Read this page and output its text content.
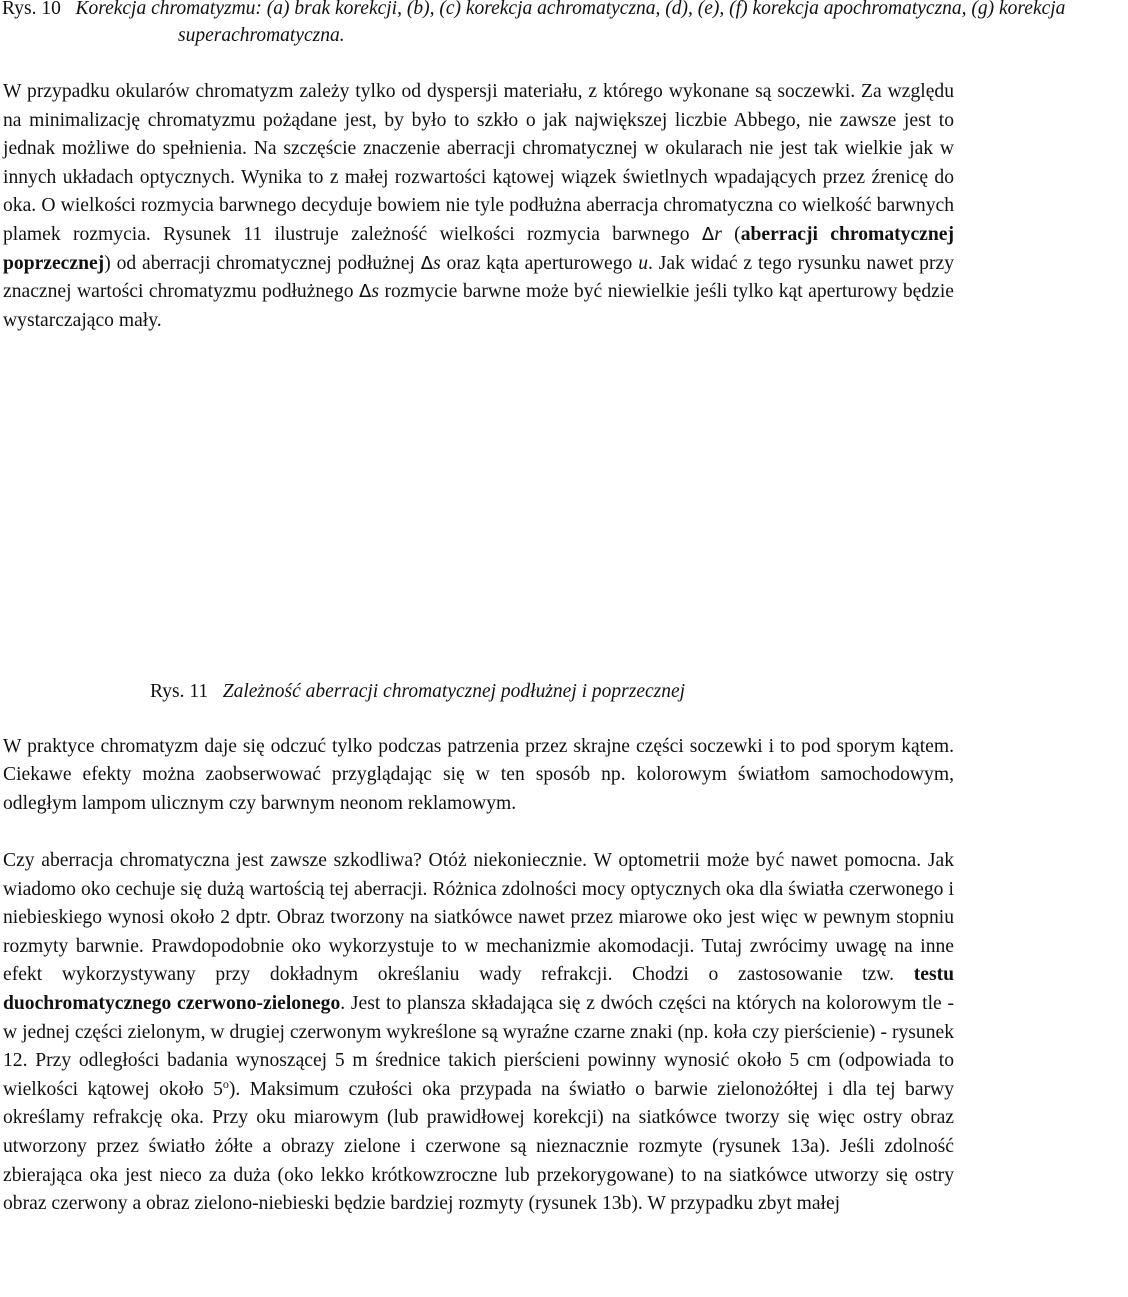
Rys. 10 Korekcja chromatyzmu: (a) brak korekcji, (b), (c) korekcja achromatyczna, (d), (e), (f) korekcja apochromatyczna, (g) korekcja superachromatyczna.

W przypadku okularów chromatyzm zależy tylko od dyspersji materiału, z którego wykonane są soczewki. Za względu na minimalizację chromatyzmu pożądane jest, by było to szkło o jak największej liczbie Abbego, nie zawsze jest to jednak możliwe do spełnienia. Na szczęście znaczenie aberracji chromatycznej w okularach nie jest tak wielkie jak w innych układach optycznych. Wynika to z małej rozwartości kątowej wiązek świetlnych wpadających przez źrenicę do oka. O wielkości rozmycia barwnego decyduje bowiem nie tyle podłużna aberracja chromatyczna co wielkość barwnych plamek rozmycia. Rysunek 11 ilustruje zależność wielkości rozmycia barwnego Δr (aberracji chromatycznej poprzecznej) od aberracji chromatycznej podłużnej Δs oraz kąta aperturowego u. Jak widać z tego rysunku nawet przy znacznej wartości chromatyzmu podłużnego Δs rozmycie barwne może być niewielkie jeśli tylko kąt aperturowy będzie wystarczająco mały.

Rys. 11 Zależność aberracji chromatycznej podłużnej i poprzecznej

W praktyce chromatyzm daje się odczuć tylko podczas patrzenia przez skrajne części soczewki i to pod sporym kątem. Ciekawe efekty można zaobserwować przyglądając się w ten sposób np. kolorowym światłom samochodowym, odległym lampom ulicznym czy barwnym neonom reklamowym.

Czy aberracja chromatyczna jest zawsze szkodliwa? Otóż niekoniecznie. W optometrii może być nawet pomocna. Jak wiadomo oko cechuje się dużą wartością tej aberracji. Różnica zdolności mocy optycznych oka dla światła czerwonego i niebieskiego wynosi około 2 dptr. Obraz tworzony na siatkówce nawet przez miarowe oko jest więc w pewnym stopniu rozmyty barwnie. Prawdopodobnie oko wykorzystuje to w mechanizmie akomodacji. Tutaj zwrócimy uwagę na inne efekt wykorzystywany przy dokładnym określaniu wady refrakcji. Chodzi o zastosowanie tzw. testu duochromatycznego czerwono-zielonego. Jest to plansza składająca się z dwóch części na których na kolorowym tle - w jednej części zielonym, w drugiej czerwonym wykreślone są wyraźne czarne znaki (np. koła czy pierścienie) - rysunek 12. Przy odległości badania wynoszącej 5 m średnice takich pierścieni powinny wynosić około 5 cm (odpowiada to wielkości kątowej około 5$^o$). Maksimum czułości oka przypada na światło o barwie zielonożółtej i dla tej barwy określamy refrakcję oka. Przy oku miarowym (lub prawidłowej korekcji) na siatkówce tworzy się więc ostry obraz utworzony przez światło żółte a obrazy zielone i czerwone są nieznacznie rozmyte (rysunek 13a). Jeśli zdolność zbierająca oka jest nieco za duża (oko lekko krótkowzroczne lub przekorygowane) to na siatkówce utworzy się ostry obraz czerwony a obraz zielono-niebieski będzie bardziej rozmyty (rysunek 13b). W przypadku zbyt małej
